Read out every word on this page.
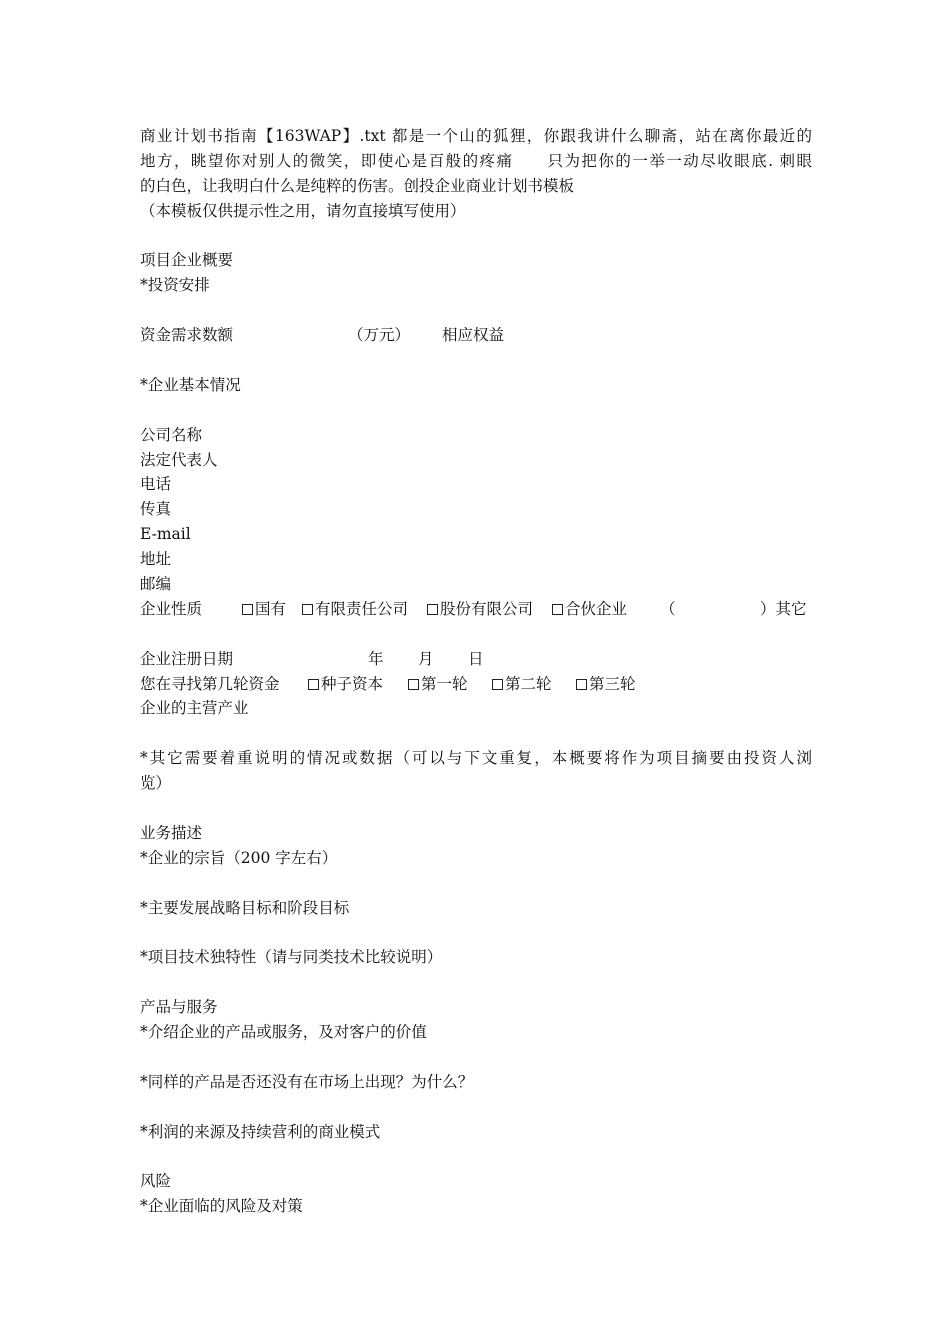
商业计划书指南【163WAP】.txt 都是一个山的狐狸，你跟我讲什么聊斋，站在离你最近的
地方，眺望你对别人的微笑，即使心是百般的疼痛　　只为把你的一举一动尽收眼底. 刺眼
的白色，让我明白什么是纯粹的伤害。创投企业商业计划书模板
（本模板仅供提示性之用，请勿直接填写使用）
项目企业概要
*投资安排
资金需求数额	（万元） 相应权益
*企业基本情况
公司名称
法定代表人
电话
传真
E-mail
地址
邮编
企业性质	国有 有限责任公司 股份有限公司 合伙企业 （	）其它
企业注册日期	年 月 日
您在寻找第几轮资金	种子资本 第一轮 第二轮 第三轮
企业的主营产业
*其它需要着重说明的情况或数据（可以与下文重复，本概要将作为项目摘要由投资人浏
览）
业务描述
*企业的宗旨（200 字左右）
*主要发展战略目标和阶段目标
*项目技术独特性（请与同类技术比较说明）
产品与服务
*介绍企业的产品或服务，及对客户的价值
*同样的产品是否还没有在市场上出现？为什么？
*利润的来源及持续营利的商业模式
风险
*企业面临的风险及对策
